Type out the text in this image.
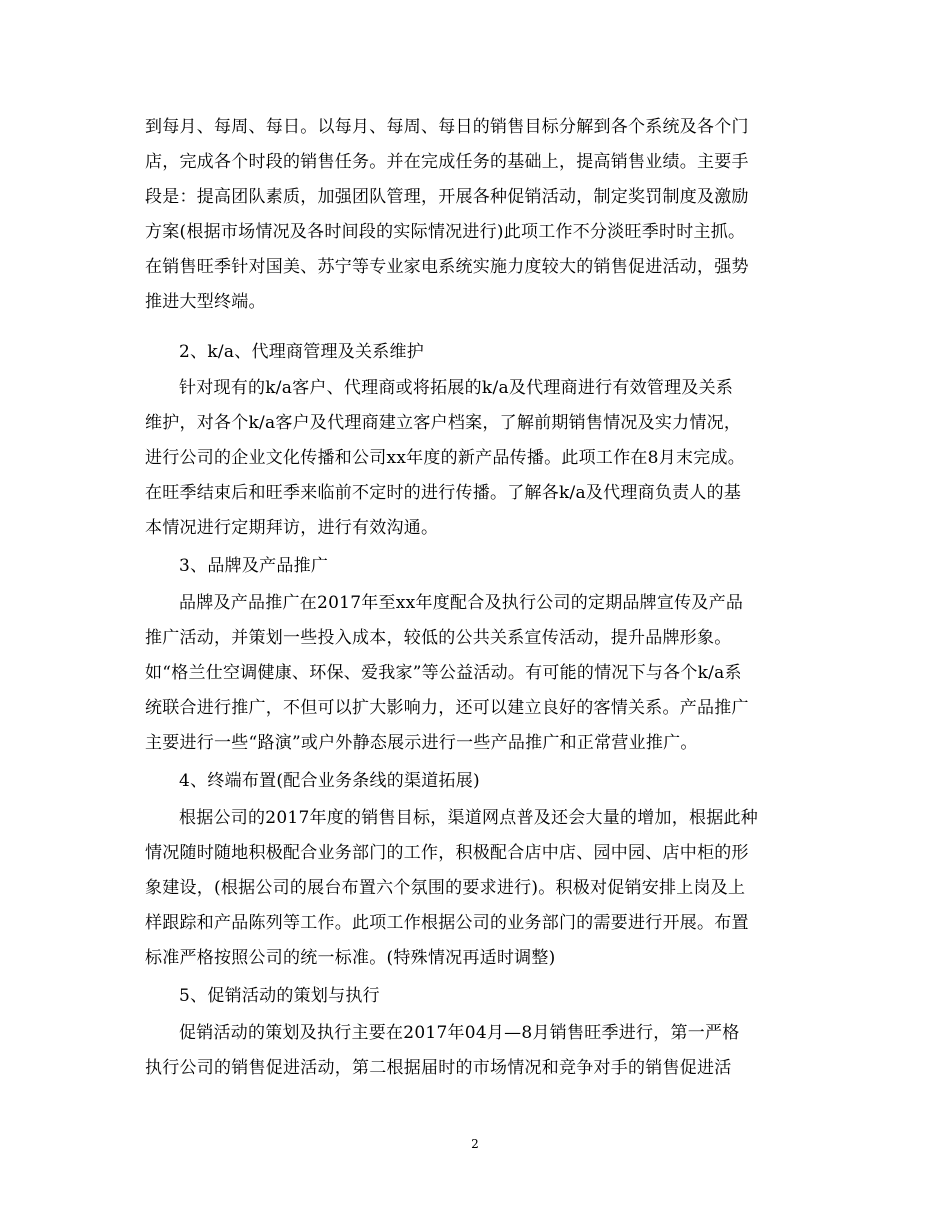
到每月、每周、每日。以每月、每周、每日的销售目标分解到各个系统及各个门
店，完成各个时段的销售任务。并在完成任务的基础上，提高销售业绩。主要手
段是：提高团队素质，加强团队管理，开展各种促销活动，制定奖罚制度及激励
方案(根据市场情况及各时间段的实际情况进行)此项工作不分淡旺季时时主抓。
在销售旺季针对国美、苏宁等专业家电系统实施力度较大的销售促进活动，强势
推进大型终端。
2、k/a、代理商管理及关系维护
针对现有的k/a客户、代理商或将拓展的k/a及代理商进行有效管理及关系
维护，对各个k/a客户及代理商建立客户档案，了解前期销售情况及实力情况，
进行公司的企业文化传播和公司xx年度的新产品传播。此项工作在8月末完成。
在旺季结束后和旺季来临前不定时的进行传播。了解各k/a及代理商负责人的基
本情况进行定期拜访，进行有效沟通。
3、品牌及产品推广
品牌及产品推广在2017年至xx年度配合及执行公司的定期品牌宣传及产品
推广活动，并策划一些投入成本，较低的公共关系宣传活动，提升品牌形象。
如“格兰仕空调健康、环保、爱我家”等公益活动。有可能的情况下与各个k/a系
统联合进行推广，不但可以扩大影响力，还可以建立良好的客情关系。产品推广
主要进行一些“路演”或户外静态展示进行一些产品推广和正常营业推广。
4、终端布置(配合业务条线的渠道拓展)
根据公司的2017年度的销售目标，渠道网点普及还会大量的增加，根据此种
情况随时随地积极配合业务部门的工作，积极配合店中店、园中园、店中柜的形
象建设，(根据公司的展台布置六个氛围的要求进行)。积极对促销安排上岗及上
样跟踪和产品陈列等工作。此项工作根据公司的业务部门的需要进行开展。布置
标准严格按照公司的统一标准。(特殊情况再适时调整)
5、促销活动的策划与执行
促销活动的策划及执行主要在2017年04月—8月销售旺季进行，第一严格
执行公司的销售促进活动，第二根据届时的市场情况和竞争对手的销售促进活
2
